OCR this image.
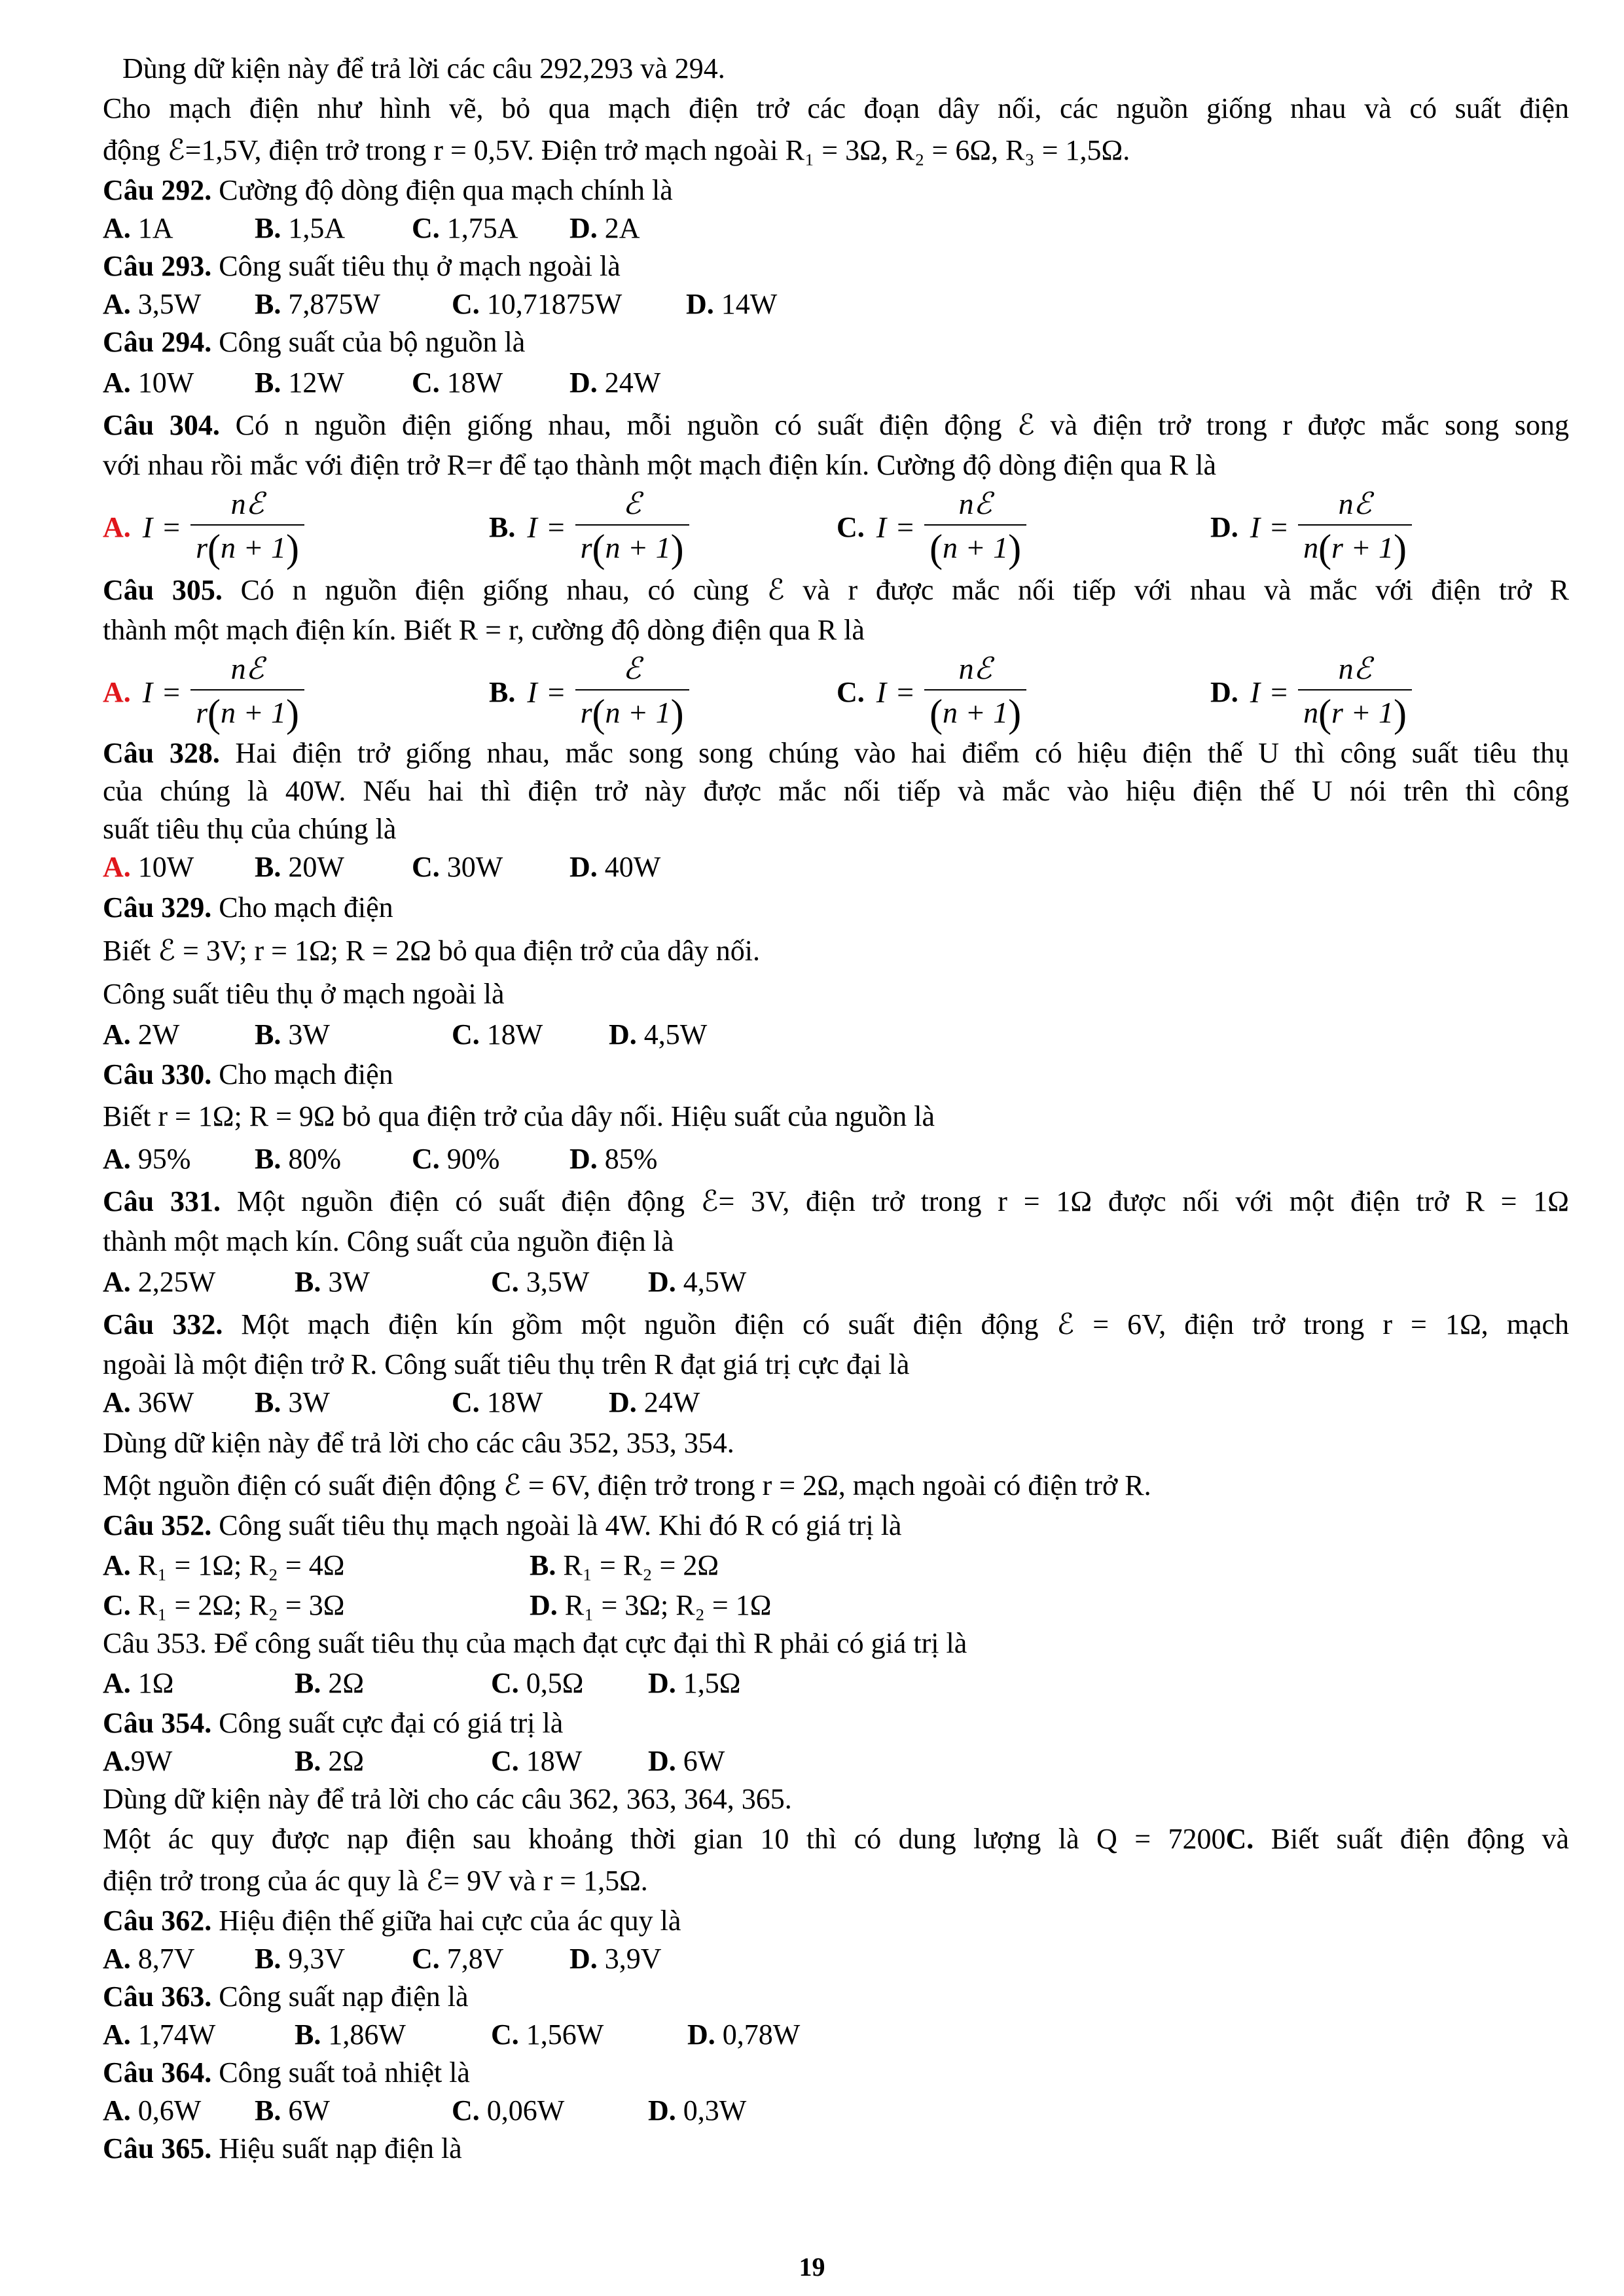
Dùng dữ kiện này để trả lời các câu 292,293 và 294.
Cho mạch điện như hình vẽ, bỏ qua mạch điện trở các đoạn dây nối, các nguồn giống nhau và có suất điện
động ℰ=1,5V, điện trở trong r = 0,5V. Điện trở mạch ngoài R₁ = 3Ω, R₂ = 6Ω, R₃ = 1,5Ω.
Câu 292. Cường độ dòng điện qua mạch chính là
A. 1A	B. 1,5A C. 1,75A D. 2A
Câu 293. Công suất tiêu thụ ở mạch ngoài là
A. 3,5W B. 7,875W C. 10,71875W D. 14W
Câu 294. Công suất của bộ nguồn là
A. 10W B. 12W C. 18W D. 24W
Câu 304. Có n nguồn điện giống nhau, mỗi nguồn có suất điện động ℰ và điện trở trong r được mắc song song
với nhau rồi mắc với điện trở R=r để tạo thành một mạch điện kín. Cường độ dòng điện qua R là
A. $I = \frac{\text{nℰ}}{r(n + 1)}$	B. $I = \frac{\text{ℰ}}{r(n + 1)}$	C. $I = \frac{\text{nℰ}}{(n + 1)}$	D. $I = \frac{\text{nℰ}}{n(r + 1)}$
Câu 305. Có n nguồn điện giống nhau, có cùng ℰ và r được mắc nối tiếp với nhau và mắc với điện trở R
thành một mạch điện kín. Biết R = r, cường độ dòng điện qua R là
A. $I = \frac{\text{nℰ}}{r(n + 1)}$	B. $I = \frac{\text{ℰ}}{r(n + 1)}$	C. $I = \frac{\text{nℰ}}{(n + 1)}$	D. $I = \frac{\text{nℰ}}{n(r + 1)}$
Câu 328. Hai điện trở giống nhau, mắc song song chúng vào hai điểm có hiệu điện thế U thì công suất tiêu thụ
của chúng là 40W. Nếu hai thì điện trở này được mắc nối tiếp và mắc vào hiệu điện thế U nói trên thì công
suất tiêu thụ của chúng là
A. 10W B. 20W C. 30W D. 40W
Câu 329. Cho mạch điện
Biết ℰ = 3V; r = 1Ω; R = 2Ω bỏ qua điện trở của dây nối.
Công suất tiêu thụ ở mạch ngoài là
A. 2W	B. 3W	C. 18W D. 4,5W
Câu 330. Cho mạch điện
Biết r = 1Ω; R = 9Ω bỏ qua điện trở của dây nối. Hiệu suất của nguồn là
A. 95% B. 80% C. 90% D. 85%
Câu 331. Một nguồn điện có suất điện động ℰ= 3V, điện trở trong r = 1Ω được nối với một điện trở R = 1Ω
thành một mạch kín. Công suất của nguồn điện là
A. 2,25W	B. 3W	C. 3,5W D. 4,5W
Câu 332. Một mạch điện kín gồm một nguồn điện có suất điện động ℰ = 6V, điện trở trong r = 1Ω, mạch
ngoài là một điện trở R. Công suất tiêu thụ trên R đạt giá trị cực đại là
A. 36W B. 3W	C. 18W D. 24W
Dùng dữ kiện này để trả lời cho các câu 352, 353, 354.
Một nguồn điện có suất điện động ℰ = 6V, điện trở trong r = 2Ω, mạch ngoài có điện trở R.
Câu 352. Công suất tiêu thụ mạch ngoài là 4W. Khi đó R có giá trị là
A. R₁ = 1Ω; R₂ = 4Ω	B. R₁ = R₂ = 2Ω
C. R₁ = 2Ω; R₂ = 3Ω	D. R₁ = 3Ω; R₂ = 1Ω
Câu 353. Để công suất tiêu thụ của mạch đạt cực đại thì R phải có giá trị là
A. 1Ω	B. 2Ω	C. 0,5Ω D. 1,5Ω
Câu 354. Công suất cực đại có giá trị là
A.9W	B. 2Ω	C. 18W D. 6W
Dùng dữ kiện này để trả lời cho các câu 362, 363, 364, 365.
Một ác quy được nạp điện sau khoảng thời gian 10 thì có dung lượng là Q = 7200C. Biết suất điện động và
điện trở trong của ác quy là ℰ= 9V và r = 1,5Ω.
Câu 362. Hiệu điện thế giữa hai cực của ác quy là
A. 8,7V B. 9,3V C. 7,8V D. 3,9V
Câu 363. Công suất nạp điện là
A. 1,74W	B. 1,86W	C. 1,56W	D. 0,78W
Câu 364. Công suất toả nhiệt là
A. 0,6W B. 6W	C. 0,06W	D. 0,3W
Câu 365. Hiệu suất nạp điện là
19
